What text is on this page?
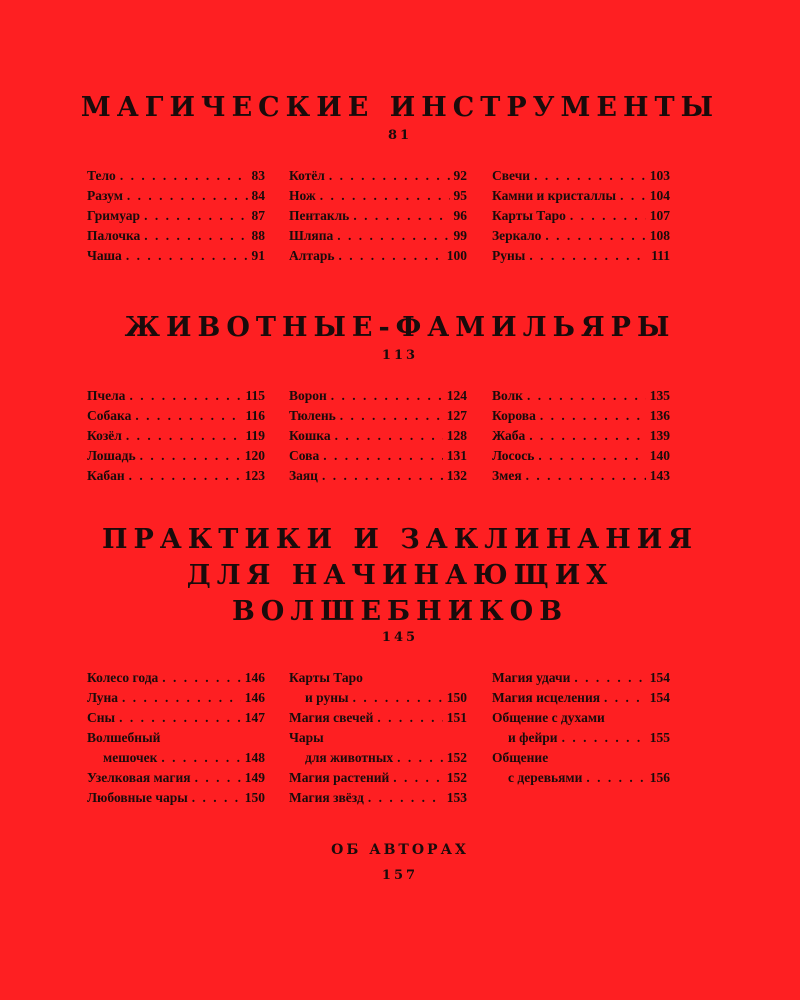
МАГИЧЕСКИЕ ИНСТРУМЕНТЫ
81
Тело . . .	83
Разум . . .	84
Гримуар . . .	87
Палочка . . .	88
Чаша . . .	91
Котёл . . .	92
Нож . . .	95
Пентакль . . .	96
Шляпа . . .	99
Алтарь . . .	100
Свечи . . .	103
Камни и кристаллы . . . 104
Карты Таро . . .	107
Зеркало . . .	108
Руны . . .	111
ЖИВОТНЫЕ-ФАМИЛЬЯРЫ
113
Пчела . . .	115
Собака . . .	116
Козёл . . .	119
Лошадь . . .	120
Кабан . . .	123
Ворон . . .	124
Тюлень . . .	127
Кошка . . .	128
Сова . . .	131
Заяц . . .	132
Волк . . .	135
Корова . . .	136
Жаба . . .	139
Лосось . . .	140
Змея . . .	143
ПРАКТИКИ И ЗАКЛИНАНИЯ
ДЛЯ НАЧИНАЮЩИХ
ВОЛШЕБНИКОВ
145
Колесо года . . .	146
Луна . . .	146
Сны . . .	147
Волшебный
мешочек . . .	148
Узелковая магия . . .	149
Любовные чары . . .	150
Карты Таро
и руны . . .	150
Магия свечей . . .	151
Чары
для животных . . .	152
Магия растений . . .	152
Магия звёзд . . .	153
Магия удачи . . .	154
Магия исцеления . . .	154
Общение с духами
и фейри . . .	155
Общение
с деревьями . . .	156
ОБ АВТОРАХ
157
